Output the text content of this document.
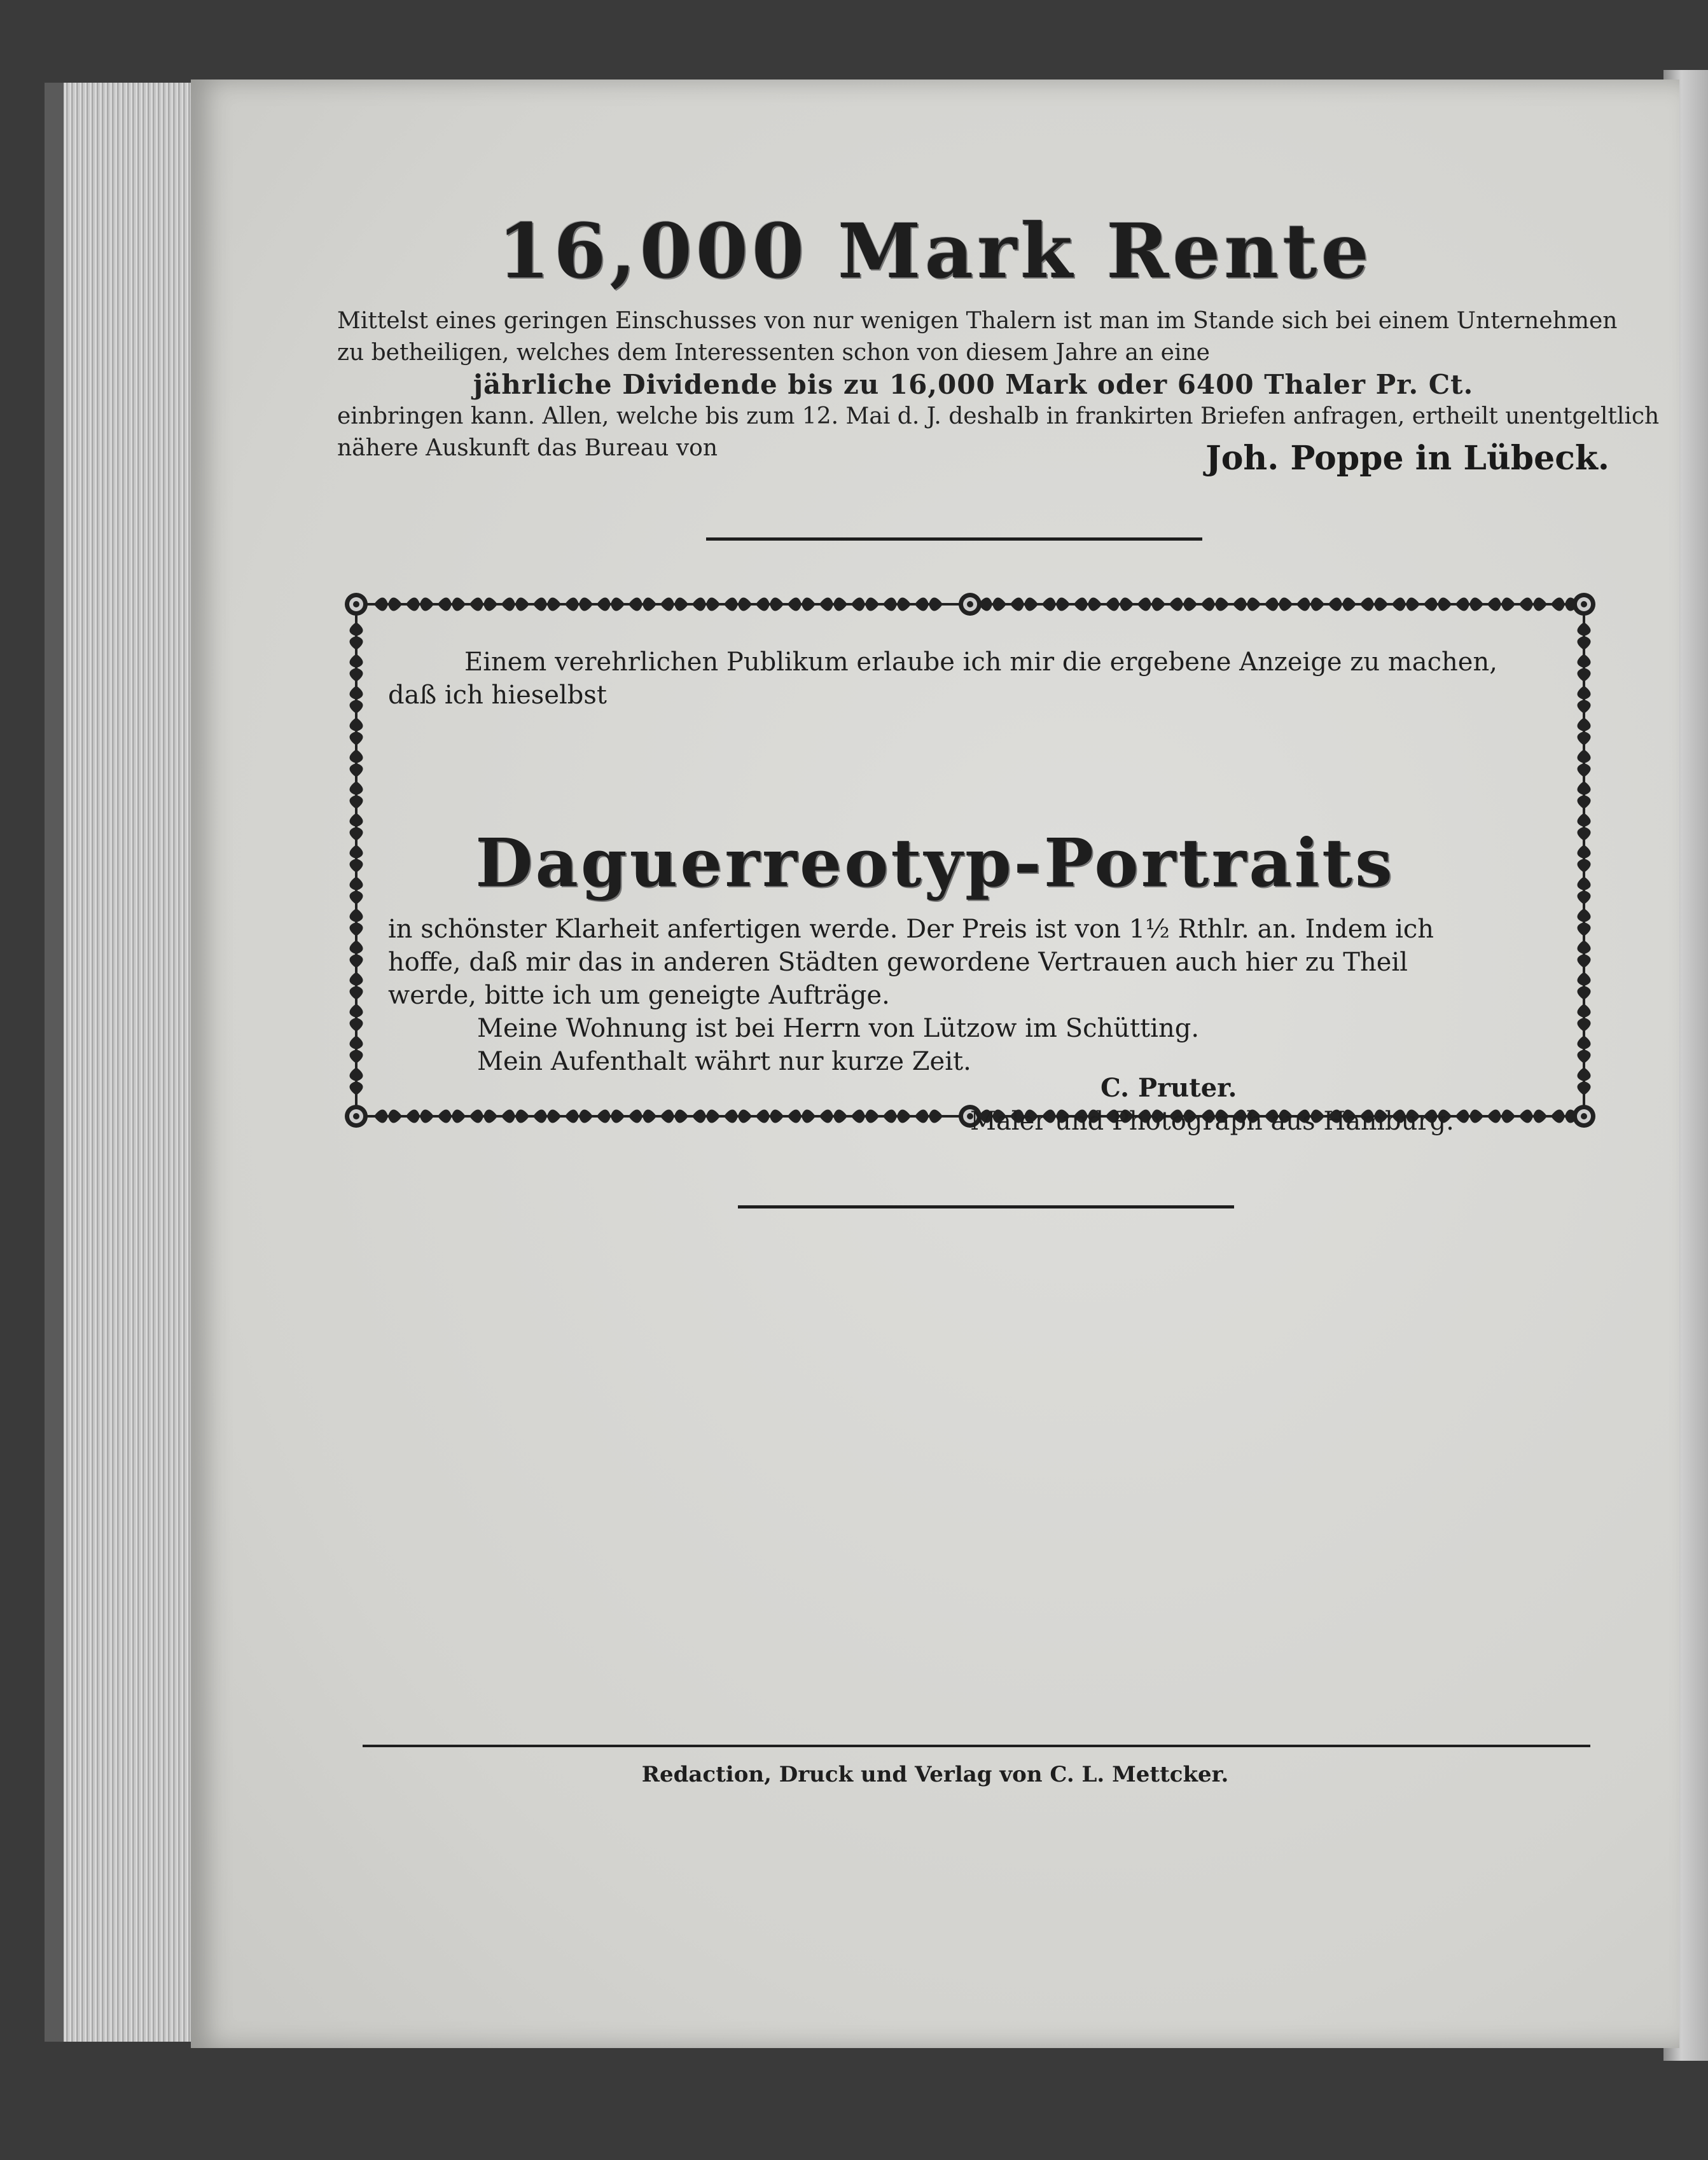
16,000 Mark Rente
Mittelst eines geringen Einschusses von nur wenigen Thalern ist man im Stande sich bei einem Unternehmen
zu betheiligen, welches dem Interessenten schon von diesem Jahre an eine
jährliche Dividende bis zu 16,000 Mark oder 6400 Thaler Pr. Ct.
einbringen kann. Allen, welche bis zum 12. Mai d. J. deshalb in frankirten Briefen anfragen, ertheilt unentgeltlich
nähere Auskunft das Bureau von	Joh. Poppe in Lübeck.
Einem verehrlichen Publikum erlaube ich mir die ergebene Anzeige zu machen,
daß ich hieselbst
Daguerreotyp-Portraits
in schönster Klarheit anfertigen werde. Der Preis ist von 1½ Rthlr. an. Indem ich
hoffe, daß mir das in anderen Städten gewordene Vertrauen auch hier zu Theil
werde, bitte ich um geneigte Aufträge.
Meine Wohnung ist bei Herrn von Lützow im Schütting.
Mein Aufenthalt währt nur kurze Zeit.
C. Pruter.
Maler und Photograph aus Hamburg.
Redaction, Druck und Verlag von C. L. Mettcker.
